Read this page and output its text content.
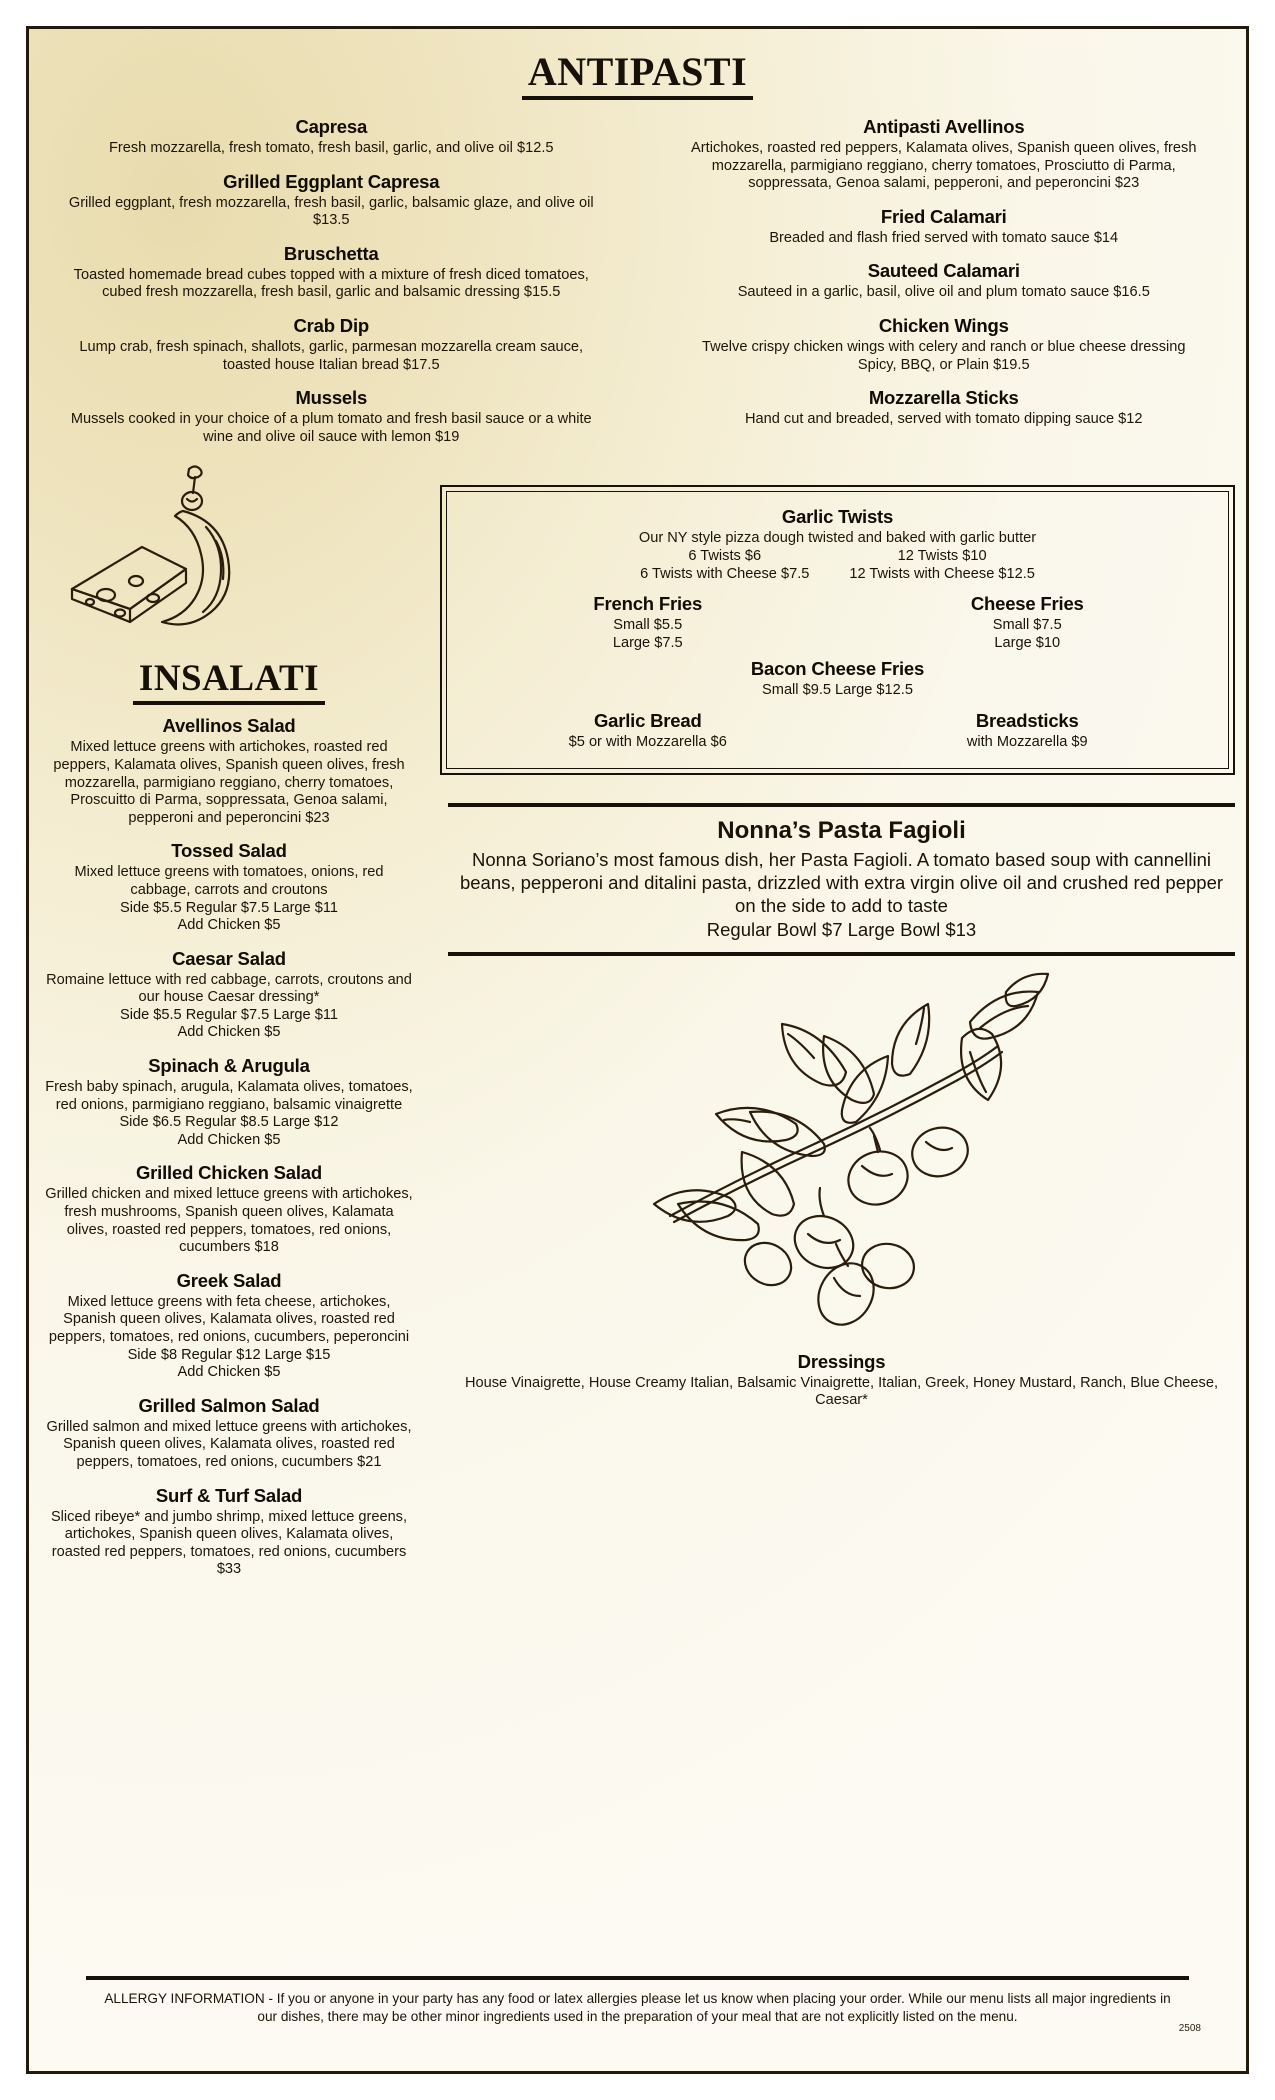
ANTIPASTI
Capresa
Fresh mozzarella, fresh tomato, fresh basil, garlic, and olive oil $12.5
Grilled Eggplant Capresa
Grilled eggplant, fresh mozzarella, fresh basil, garlic, balsamic glaze, and olive oil $13.5
Bruschetta
Toasted homemade bread cubes topped with a mixture of fresh diced tomatoes, cubed fresh mozzarella, fresh basil, garlic and balsamic dressing $15.5
Crab Dip
Lump crab, fresh spinach, shallots, garlic, parmesan mozzarella cream sauce, toasted house Italian bread $17.5
Mussels
Mussels cooked in your choice of a plum tomato and fresh basil sauce or a white wine and olive oil sauce with lemon $19
Antipasti Avellinos
Artichokes, roasted red peppers, Kalamata olives, Spanish queen olives, fresh mozzarella, parmigiano reggiano, cherry tomatoes, Prosciutto di Parma, soppressata, Genoa salami, pepperoni, and peperoncini $23
Fried Calamari
Breaded and flash fried served with tomato sauce $14
Sauteed Calamari
Sauteed in a garlic, basil, olive oil and plum tomato sauce $16.5
Chicken Wings
Twelve crispy chicken wings with celery and ranch or blue cheese dressing Spicy, BBQ, or Plain $19.5
Mozzarella Sticks
Hand cut and breaded, served with tomato dipping sauce $12
INSALATI
Avellinos Salad
Mixed lettuce greens with artichokes, roasted red peppers, Kalamata olives, Spanish queen olives, fresh mozzarella, parmigiano reggiano, cherry tomatoes, Proscuitto di Parma, soppressata, Genoa salami, pepperoni and peperoncini $23
Tossed Salad
Mixed lettuce greens with tomatoes, onions, red cabbage, carrots and croutons
Side $5.5 Regular $7.5 Large $11
Add Chicken $5
Caesar Salad
Romaine lettuce with red cabbage, carrots, croutons and our house Caesar dressing*
Side $5.5 Regular $7.5 Large $11
Add Chicken $5
Spinach & Arugula
Fresh baby spinach, arugula, Kalamata olives, tomatoes, red onions, parmigiano reggiano, balsamic vinaigrette
Side $6.5 Regular $8.5 Large $12
Add Chicken $5
Grilled Chicken Salad
Grilled chicken and mixed lettuce greens with artichokes, fresh mushrooms, Spanish queen olives, Kalamata olives, roasted red peppers, tomatoes, red onions, cucumbers $18
Greek Salad
Mixed lettuce greens with feta cheese, artichokes, Spanish queen olives, Kalamata olives, roasted red peppers, tomatoes, red onions, cucumbers, peperoncini
Side $8 Regular $12 Large $15
Add Chicken $5
Grilled Salmon Salad
Grilled salmon and mixed lettuce greens with artichokes, Spanish queen olives, Kalamata olives, roasted red peppers, tomatoes, red onions, cucumbers $21
Surf & Turf Salad
Sliced ribeye* and jumbo shrimp, mixed lettuce greens, artichokes, Spanish queen olives, Kalamata olives, roasted red peppers, tomatoes, red onions, cucumbers $33
Garlic Twists
Our NY style pizza dough twisted and baked with garlic butter
6 Twists $6
6 Twists with Cheese $7.5
12 Twists $10
12 Twists with Cheese $12.5
French Fries
Small $5.5
Large $7.5
Cheese Fries
Small $7.5
Large $10
Bacon Cheese Fries
Small $9.5 Large $12.5
Garlic Bread
$5 or with Mozzarella $6
Breadsticks
with Mozzarella $9
Nonna’s Pasta Fagioli
Nonna Soriano’s most famous dish, her Pasta Fagioli. A tomato based soup with cannellini beans, pepperoni and ditalini pasta, drizzled with extra virgin olive oil and crushed red pepper on the side to add to taste
Regular Bowl $7 Large Bowl $13
Dressings
House Vinaigrette, House Creamy Italian, Balsamic Vinaigrette, Italian, Greek, Honey Mustard, Ranch, Blue Cheese, Caesar*
ALLERGY INFORMATION - If you or anyone in your party has any food or latex allergies please let us know when placing your order. While our menu lists all major ingredients in our dishes, there may be other minor ingredients used in the preparation of your meal that are not explicitly listed on the menu.
2508
